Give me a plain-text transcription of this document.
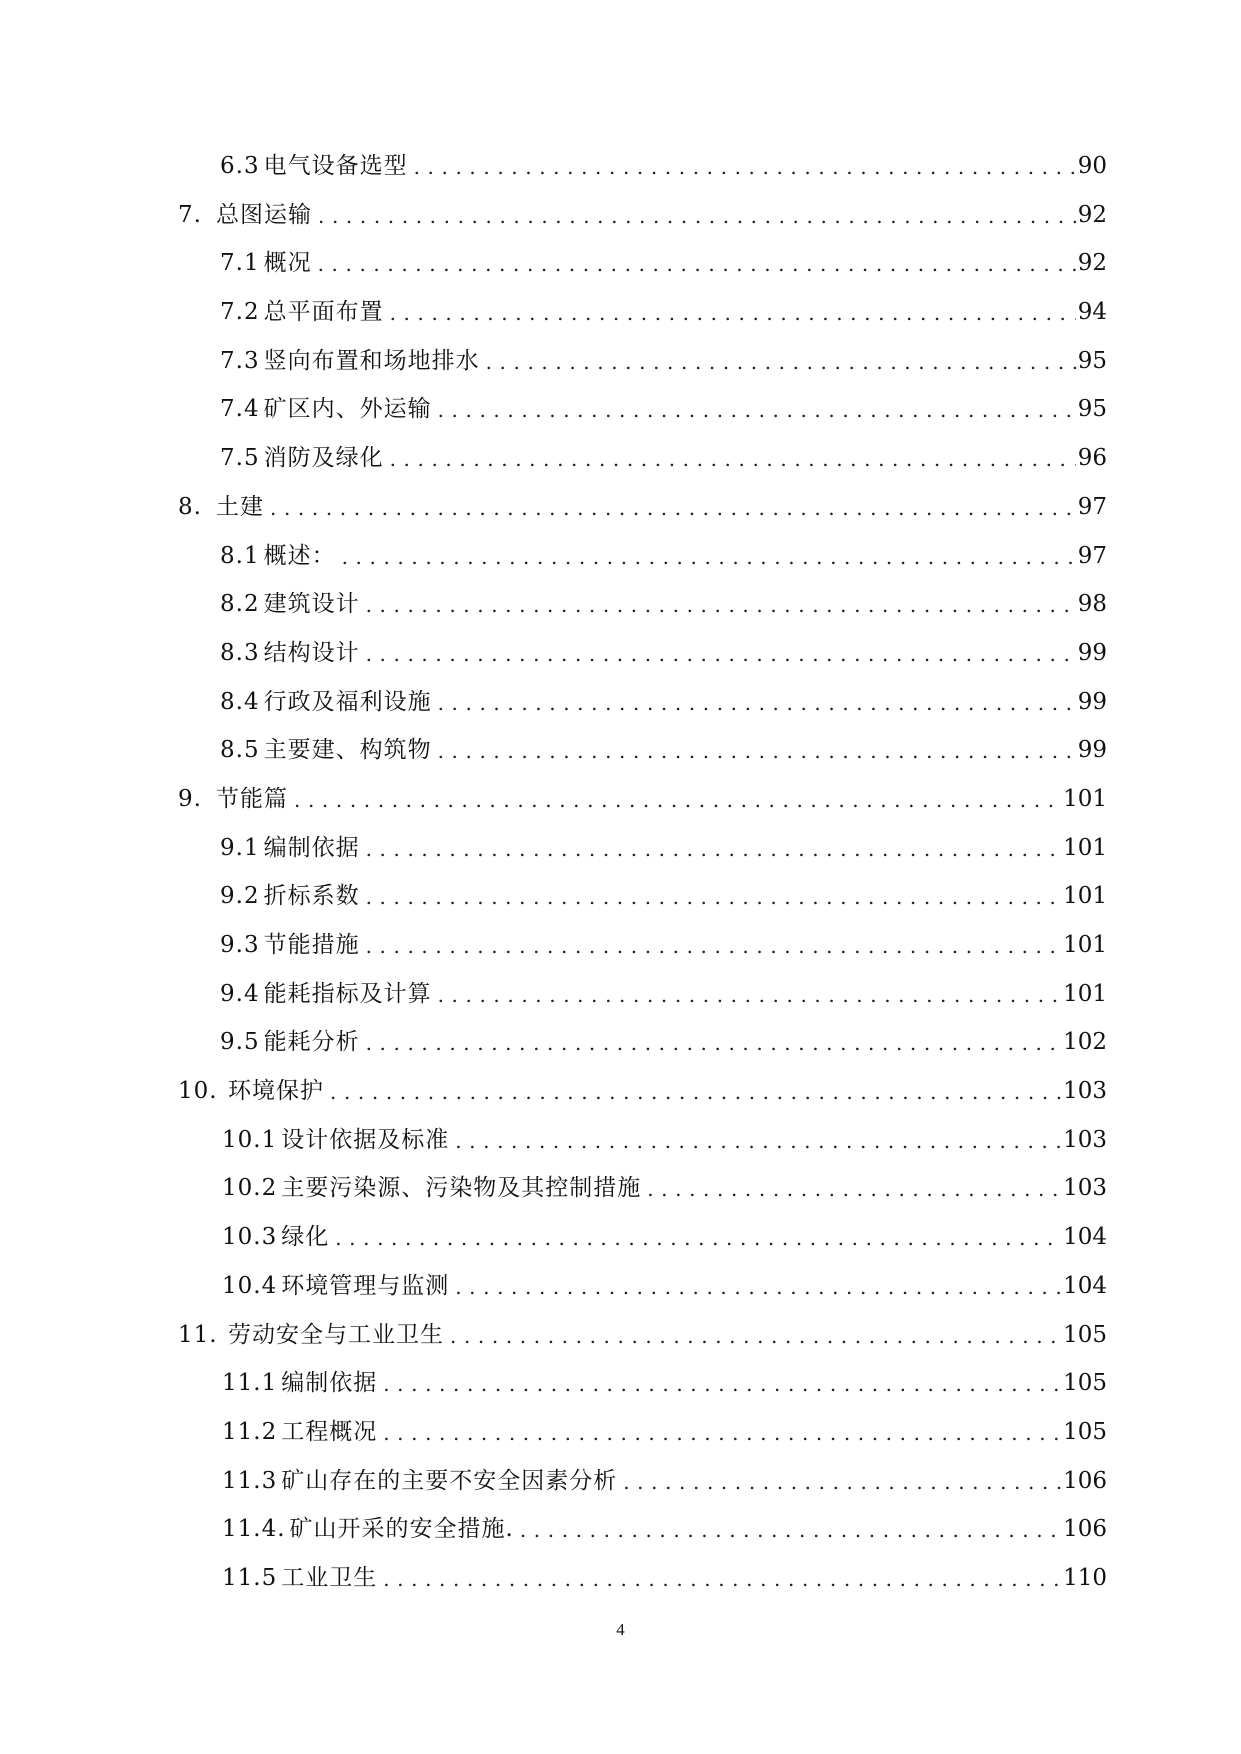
6.3 电气设备选型 .....	90
7. 总图运输 .....	92
7.1 概况 .....	92
7.2 总平面布置 .....	94
7.3 竖向布置和场地排水 .....	95
7.4 矿区内、外运输 .....	95
7.5 消防及绿化 .....	96
8. 土建 .....	97
8.1 概述： .....	97
8.2 建筑设计 .....	98
8.3 结构设计 .....	99
8.4 行政及福利设施 .....	99
8.5 主要建、构筑物 .....	99
9. 节能篇 .....	101
9.1 编制依据 .....	101
9.2 折标系数 .....	101
9.3 节能措施 .....	101
9.4 能耗指标及计算 .....	101
9.5 能耗分析 .....	102
10. 环境保护 .....	103
10.1 设计依据及标准 .....	103
10.2 主要污染源、污染物及其控制措施 .....	103
10.3 绿化 .....	104
10.4 环境管理与监测 .....	104
11. 劳动安全与工业卫生 .....	105
11.1 编制依据 .....	105
11.2 工程概况 .....	105
11.3 矿山存在的主要不安全因素分析 .....	106
11.4. 矿山开采的安全措施. .....	106
11.5 工业卫生 .....	110
4
